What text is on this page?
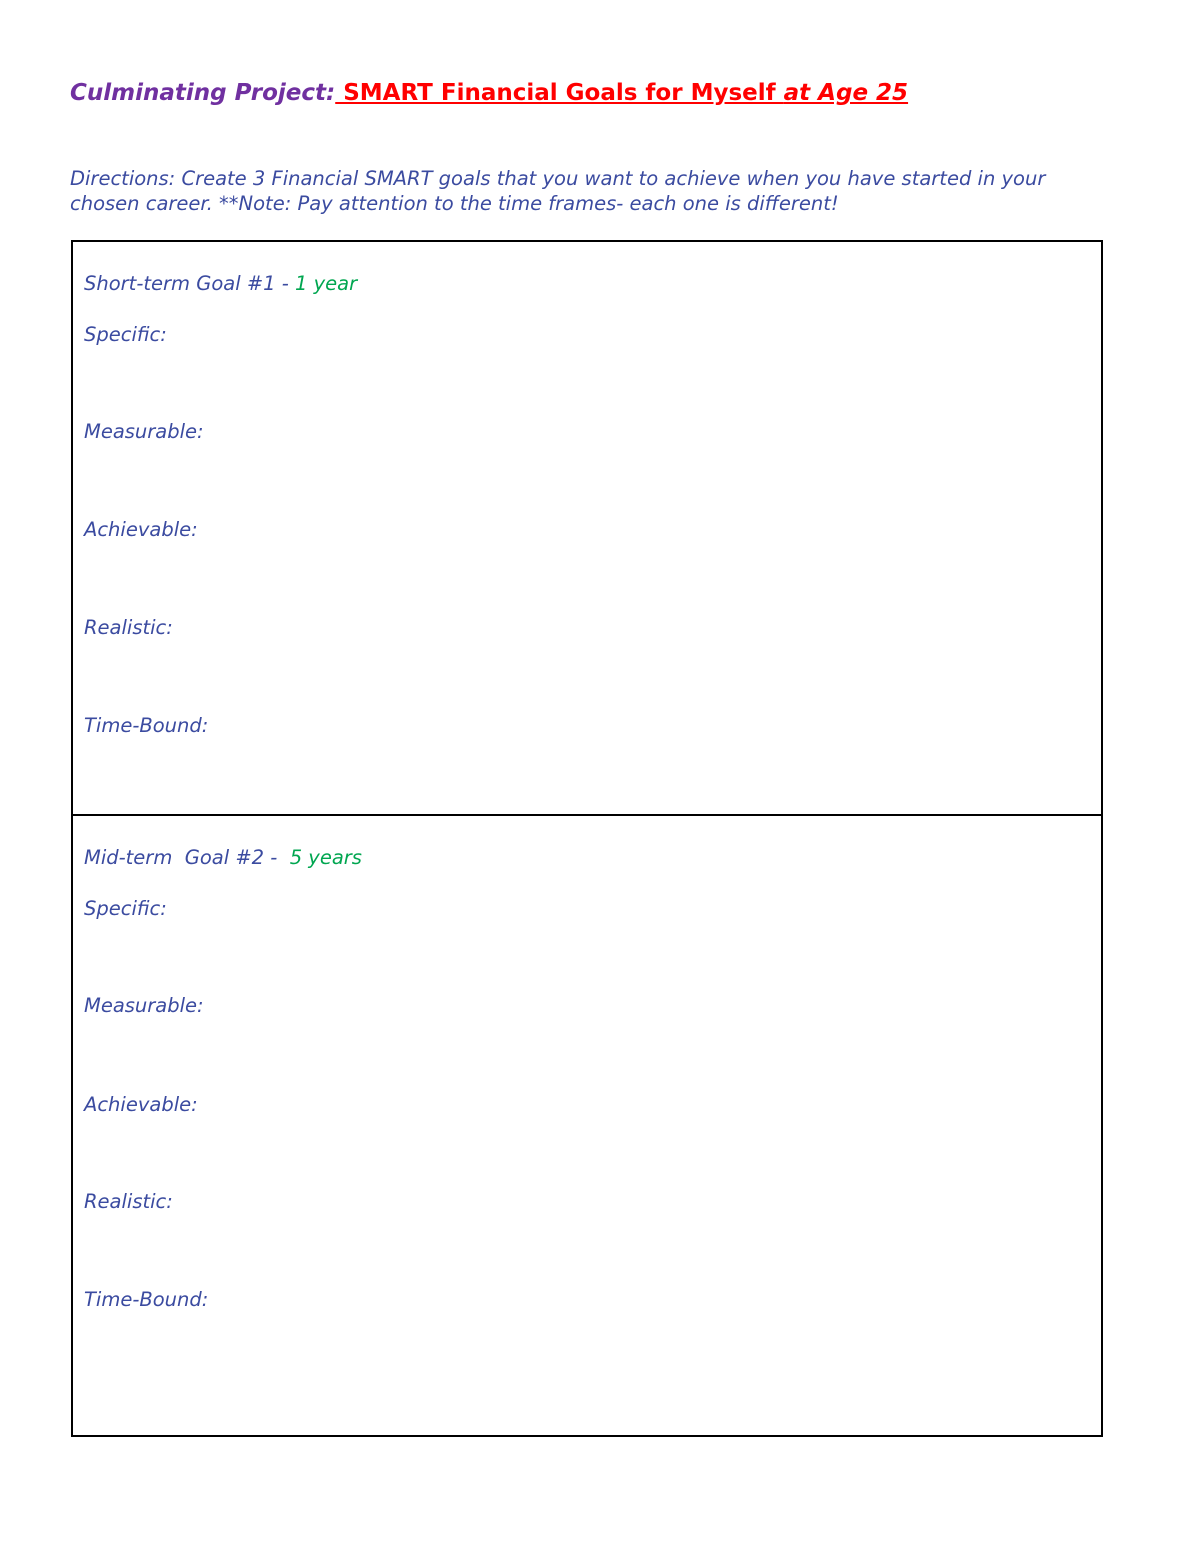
Culminating Project: SMART Financial Goals for Myself at Age 25
Directions: Create 3 Financial SMART goals that you want to achieve when you have started in your chosen career. **Note: Pay attention to the time frames- each one is different!
Short-term Goal #1 - 1 year
Specific:
Measurable:
Achievable:
Realistic:
Time-Bound:
Mid-term  Goal #2 -  5 years
Specific:
Measurable:
Achievable:
Realistic:
Time-Bound:
